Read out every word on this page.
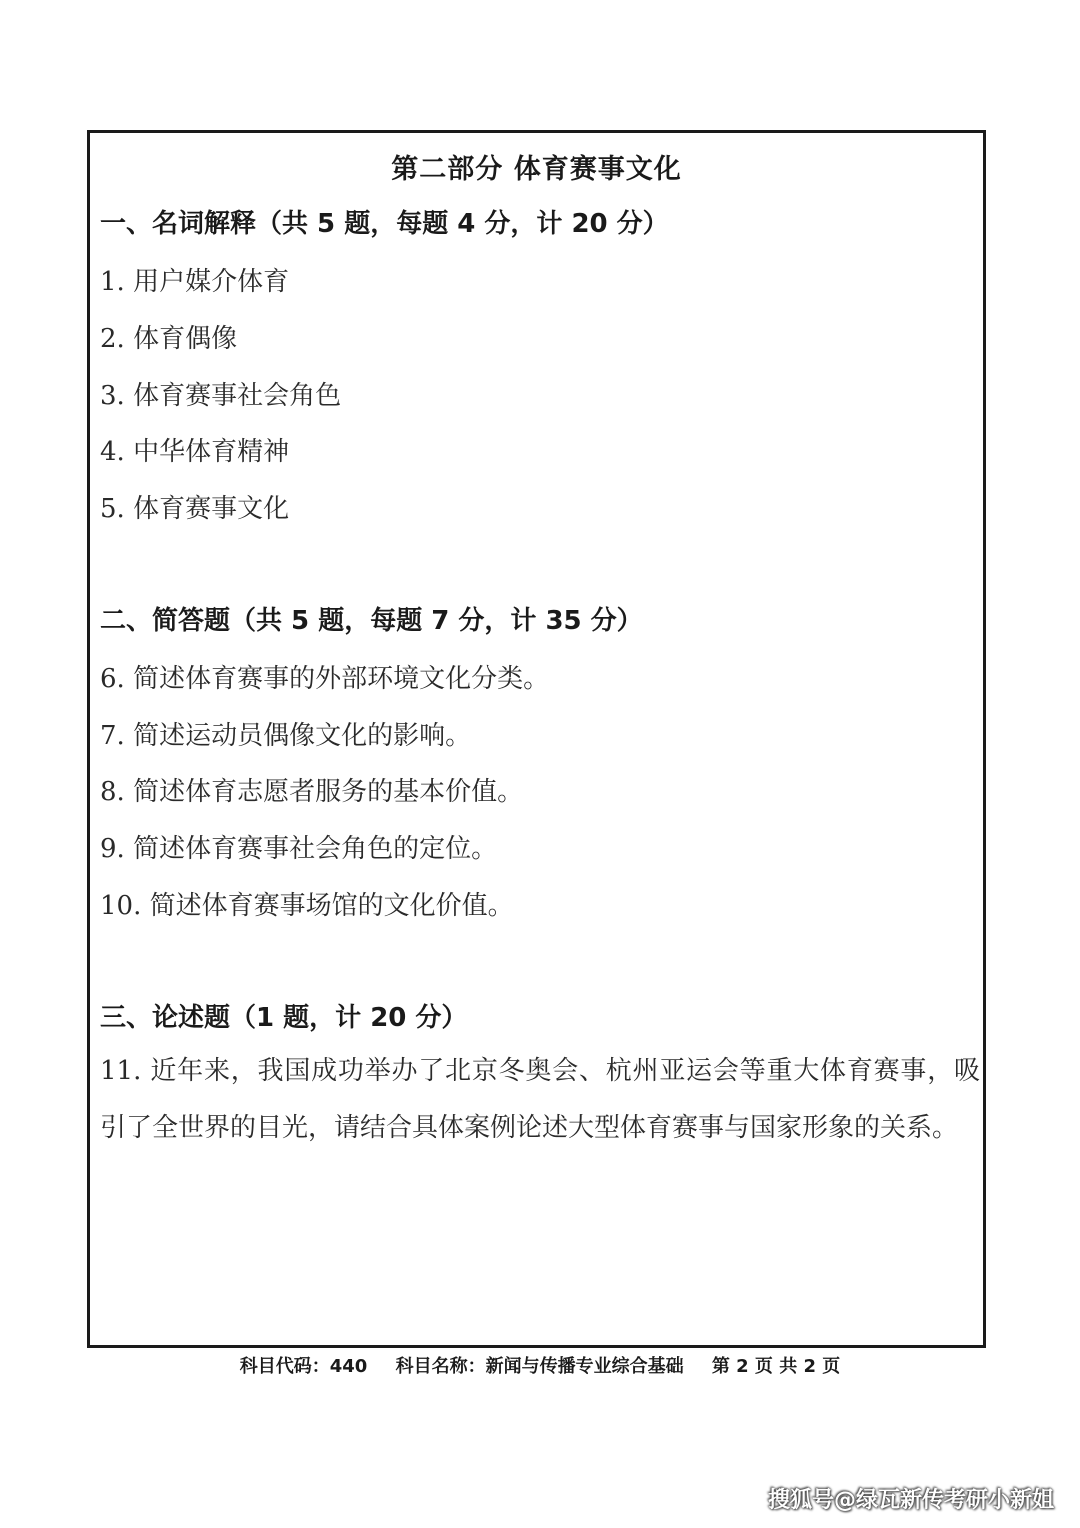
第二部分 体育赛事文化
一、名词解释（共 5 题，每题 4 分，计 20 分）
1. 用户媒介体育
2. 体育偶像
3. 体育赛事社会角色
4. 中华体育精神
5. 体育赛事文化
二、简答题（共 5 题，每题 7 分，计 35 分）
6. 简述体育赛事的外部环境文化分类。
7. 简述运动员偶像文化的影响。
8. 简述体育志愿者服务的基本价值。
9. 简述体育赛事社会角色的定位。
10. 简述体育赛事场馆的文化价值。
三、论述题（1 题，计 20 分）
11. 近年来，我国成功举办了北京冬奥会、杭州亚运会等重大体育赛事，吸引了全世界的目光，请结合具体案例论述大型体育赛事与国家形象的关系。
科目代码：440 科目名称：新闻与传播专业综合基础 第 2 页 共 2 页
搜狐号@绿瓦新传考研小新姐
